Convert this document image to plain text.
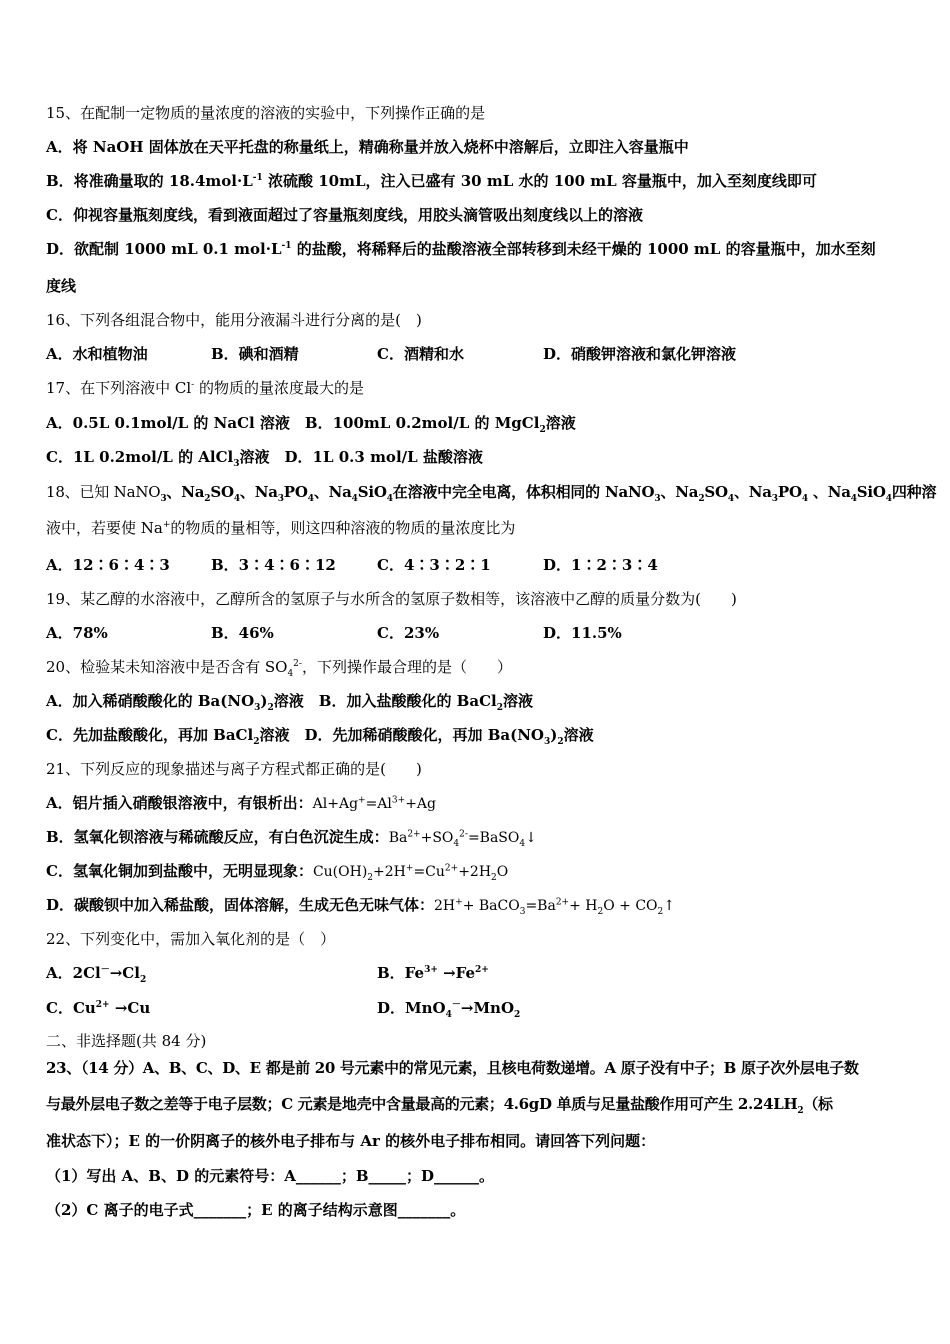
15、在配制一定物质的量浓度的溶液的实验中，下列操作正确的是
A．将 NaOH 固体放在天平托盘的称量纸上，精确称量并放入烧杯中溶解后，立即注入容量瓶中
B．将准确量取的 $18.4mol\cdot L^{-1}$ 浓硫酸 10mL，注入已盛有 30 mL 水的 100 mL 容量瓶中，加入至刻度线即可
C．仰视容量瓶刻度线，看到液面超过了容量瓶刻度线，用胶头滴管吸出刻度线以上的溶液
D．欲配制 1000 mL 0.1 $mol\cdot L^{-1}$ 的盐酸，将稀释后的盐酸溶液全部转移到未经干燥的 1000 mL 的容量瓶中，加水至刻
度线
16、下列各组混合物中，能用分液漏斗进行分离的是(　)
A．水和植物油	B．碘和酒精	C．酒精和水	D．硝酸钾溶液和氯化钾溶液
17、在下列溶液中 Cl- 的物质的量浓度最大的是
A．0.5L 0.1mol/L 的 NaCl 溶液　B．100mL 0.2mol/L 的 MgCl$_2$溶液
C．1L 0.2mol/L 的 AlCl$_3$溶液　D．1L 0.3 mol/L 盐酸溶液
18、已知 NaNO$_3$、$Na_2SO_4$、$Na_3PO_4$、$Na_4SiO_4$在溶液中完全电离，体积相同的 NaNO$_3$、$Na_2SO_4$、$Na_3PO_4$ 、$Na_4SiO_4$四种溶
液中，若要使 Na+的物质的量相等，则这四种溶液的物质的量浓度比为
A．12∶6∶4∶3	B．3∶4∶6∶12	C．4∶3∶2∶1	D．1∶2∶3∶4
19、某乙醇的水溶液中，乙醇所含的氢原子与水所含的氢原子数相等，该溶液中乙醇的质量分数为(　　)
A．78%	B．46%	C．23%	D．11.5%
20、检验某未知溶液中是否含有 $SO_4^{2-}$，下列操作最合理的是（　　）
A．加入稀硝酸酸化的 $Ba(NO_3)_2$溶液　B．加入盐酸酸化的 BaCl$_2$溶液
C．先加盐酸酸化，再加 BaCl$_2$溶液　D．先加稀硝酸酸化，再加 $Ba(NO_3)_2$溶液
21、下列反应的现象描述与离子方程式都正确的是(　　)
A．铝片插入硝酸银溶液中，有银析出：$Al+Ag^+=Al^{3+}+Ag$
B．氢氧化钡溶液与稀硫酸反应，有白色沉淀生成：$Ba^{2+}+SO_4^{2-}=BaSO_4↓$
C．氢氧化铜加到盐酸中，无明显现象：$Cu(OH)_2+2H^+=Cu^{2+}+2H_2O$
D．碳酸钡中加入稀盐酸，固体溶解，生成无色无味气体：$2H^++ BaCO_3=Ba^{2+}+ H_2O$ + $CO_2↑$
22、下列变化中，需加入氧化剂的是（　）
A．$2Cl^-\to Cl_2$	B．$Fe^{3+} \to Fe^{2+}$
C．$Cu^{2+} \to Cu$	D．MnO$_4$－→MnO$_2$
二、非选择题(共 84 分)
23、（14 分）A、B、C、D、E 都是前 20 号元素中的常见元素，且核电荷数递增。A 原子没有中子；B 原子次外层电子数
与最外层电子数之差等于电子层数；C 元素是地壳中含量最高的元素；4.6gD 单质与足量盐酸作用可产生 $2.24LH_2$（标
准状态下）；E 的一价阴离子的核外电子排布与 Ar 的核外电子排布相同。请回答下列问题：
（1）写出 A、B、D 的元素符号：A______；B_____；D______。
（2）C 离子的电子式_______；E 的离子结构示意图_______。
